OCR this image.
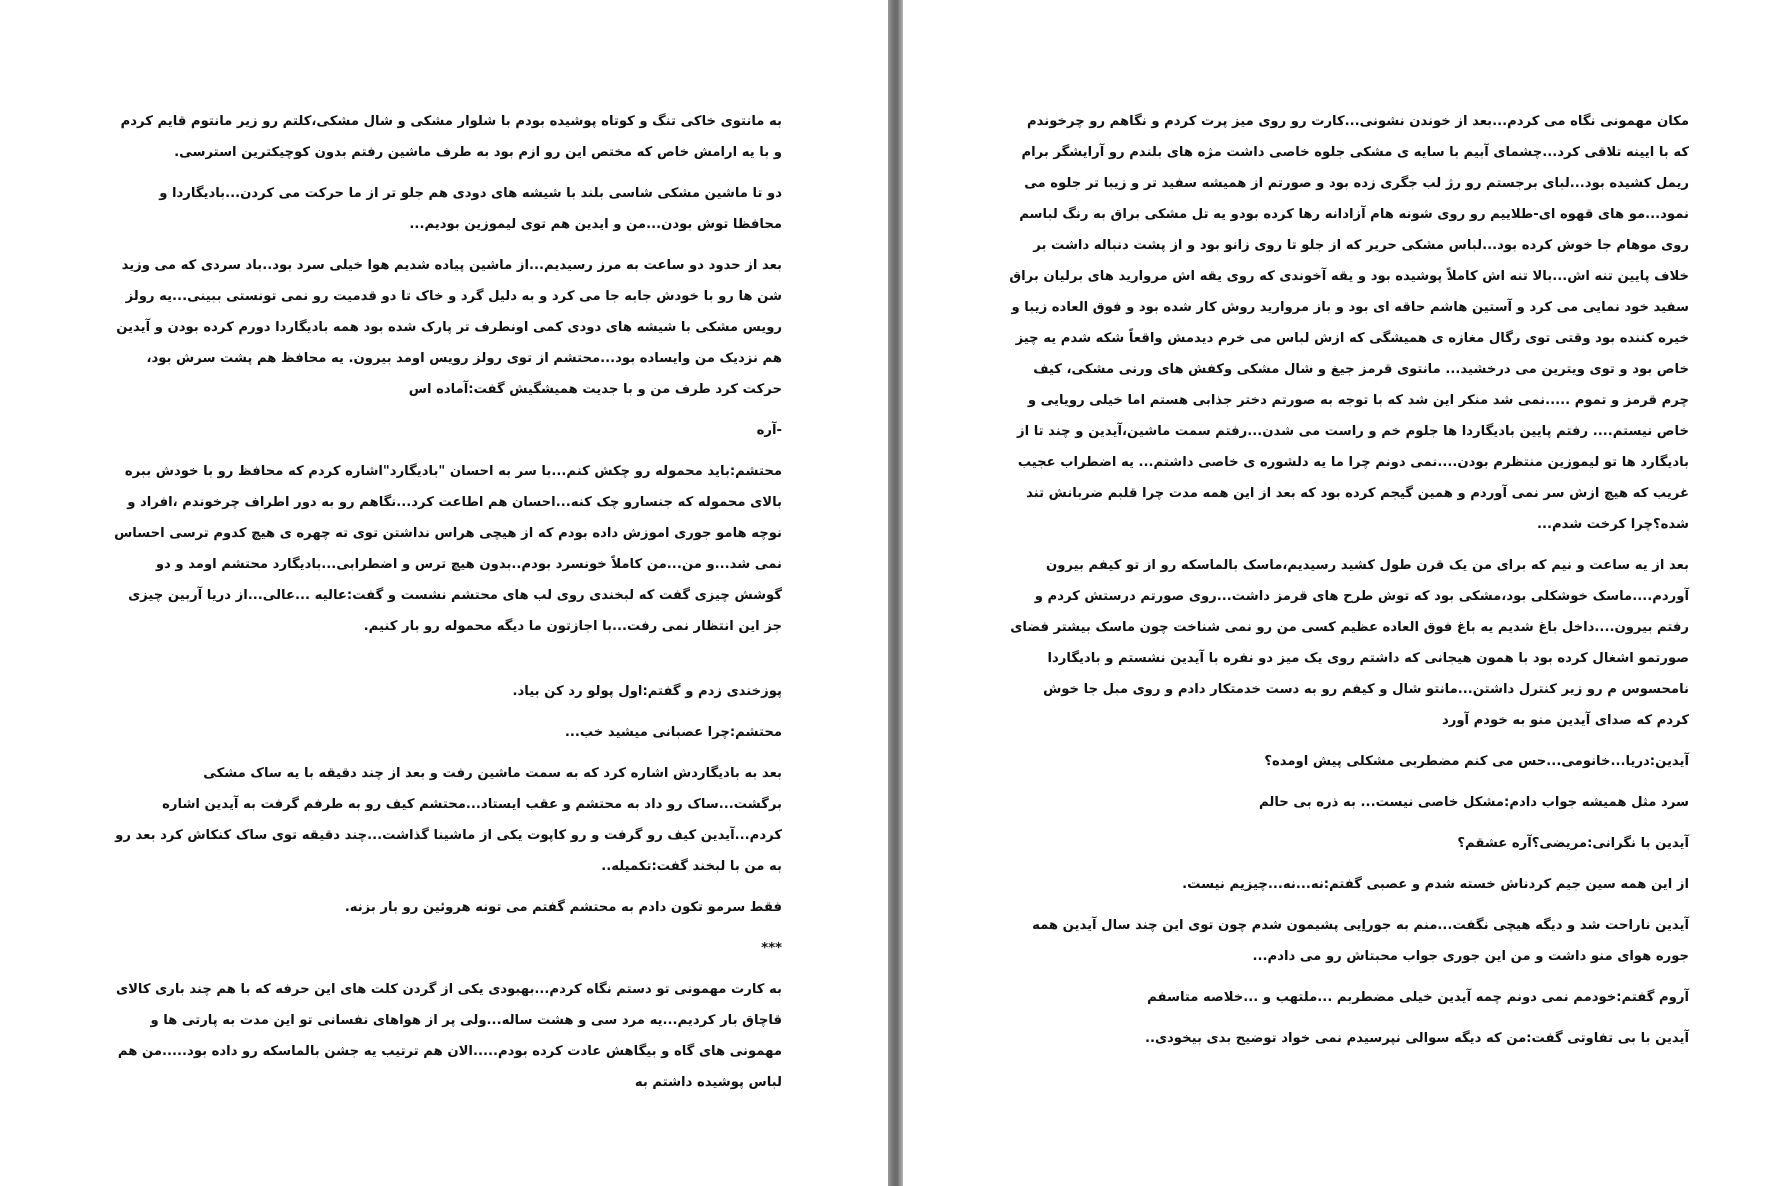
به مانتوی خاکی تنگ و کوتاه پوشیده بودم با شلوار مشکی و شال مشکی،کلتم رو زیر مانتوم قایم کردم و با یه ارامش خاص که مختص این رو ازم بود به طرف ماشین رفتم بدون کوچیکترین استرسی.

دو تا ماشین مشکی شاسی بلند با شیشه های دودی هم جلو تر از ما حرکت می کردن...بادیگاردا و محافظا توش بودن...من و ایدین هم توی لیموزین بودیم...

بعد از حدود دو ساعت به مرز رسیدیم...از ماشین پیاده شدیم هوا خیلی سرد بود..باد سردی که می وزید شن ها رو با خودش جابه جا می کرد و به دلیل گرد و خاک تا دو قدمیت رو نمی تونستی ببینی...یه رولز رویس مشکی با شیشه های دودی کمی اونطرف تر پارک شده بود همه بادیگاردا دورم کرده بودن و آیدین هم نزدیک من وایساده بود...محتشم از توی رولز رویس اومد بیرون. یه محافظ هم پشت سرش بود، حرکت کرد طرف من و با جدیت همیشگیش گفت:آماده اس

-آره

محتشم:باید محموله رو چکش کنم...با سر به احسان "بادیگارد"اشاره کردم که محافظ رو با خودش ببره بالای محموله که جنسارو چک کنه...احسان هم اطاعت کرد...نگاهم رو به دور اطراف چرخوندم ،افراد و نوچه هامو جوری اموزش داده بودم که از هیچی هراس نداشتن توی ته چهره ی هیچ کدوم ترسی احساس نمی شد...و من...من کاملاً خونسرد بودم..بدون هیچ ترس و اضطرابی...بادیگارد محتشم اومد و دو گوشش چیزی گفت که لبخندی روی لب های محتشم نشست و گفت:عالیه ...عالی...از دریا آربین چیزی جز این انتظار نمی رفت...با اجازتون ما دیگه محموله رو بار کنیم.

پوزخندی زدم و گفتم:اول پولو رد کن بیاد.

محتشم:چرا عصبانی میشید خب...

بعد به بادیگاردش اشاره کرد که به سمت ماشین رفت و بعد از چند دقیقه با یه ساک مشکی برگشت...ساک رو داد به محتشم و عقب ایستاد...محتشم کیف رو به طرفم گرفت به آیدین اشاره کردم...آیدین کیف رو گرفت و رو کاپوت یکی از ماشینا گذاشت...چند دقیقه توی ساک کنکاش کرد بعد رو به من با لبخند گفت:تکمیله..

فقط سرمو تکون دادم به محتشم گفتم می تونه هروئین رو بار بزنه.

***

به کارت مهمونی تو دستم نگاه کردم...بهبودی یکی از گردن کلت های این حرفه که با هم چند باری کالای قاچاق بار کردیم...یه مرد سی و هشت ساله...ولی پر از هواهای نفسانی تو این مدت به پارتی ها و مهمونی های گاه و بیگاهش عادت کرده بودم.....الان هم ترتیب یه جشن بالماسکه رو داده بود.....من هم لباس پوشیده داشتم به

مکان مهمونی نگاه می کردم...بعد از خوندن نشونی...کارت رو روی میز پرت کردم و نگاهم رو چرخوندم که با ایینه تلاقی کرد...چشمای آبیم با سایه ی مشکی جلوه خاصی داشت مژه های بلندم رو آرایشگر برام ریمل کشیده بود...لبای برجستم رو رژ لب جگری زده بود و صورتم از همیشه سفید تر و زیبا تر جلوه می نمود...مو های قهوه ای-طلاییم رو روی شونه هام آزادانه رها کرده بودو یه تل مشکی براق به رنگ لباسم روی موهام جا خوش کرده بود...لباس مشکی حریر که از جلو تا روی زانو بود و از پشت دنباله داشت بر خلاف پایین تنه اش...بالا تنه اش کاملاً پوشیده بود و یقه آخوندی که روی یقه اش مروارید های برلیان براق سفید خود نمایی می کرد و آستین هاشم حاقه ای بود و باز مروارید روش کار شده بود و فوق العاده زیبا و خیره کننده بود وقتی توی رگال مغازه ی همیشگی که ازش لباس می خرم دیدمش واقعاً شکه شدم یه چیز خاص بود و توی ویترین می درخشید... مانتوی قرمز جیغ و شال مشکی وکفش های ورنی مشکی، کیف چرم قرمز و تموم .....نمی شد منکر این شد که با توجه به صورتم دختر جذابی هستم اما خیلی رویایی و خاص نیستم.... رفتم پایین بادیگاردا ها جلوم خم و راست می شدن...رفتم سمت ماشین،آیدین و چند تا از بادیگارد ها تو لیموزین منتظرم بودن....نمی دونم چرا ما یه دلشوره ی خاصی داشتم... یه اضطراب عجیب غریب که هیچ ازش سر نمی آوردم و همین گیجم کرده بود که بعد از این همه مدت چرا قلبم ضربانش تند شده؟چرا کرخت شدم...

بعد از یه ساعت و نیم که برای من یک قرن طول کشید رسیدیم،ماسک بالماسکه رو از تو کیفم بیرون آوردم....ماسک خوشکلی بود،مشکی بود که توش طرح های قرمز داشت...روی صورتم درستش کردم و رفتم بیرون....داخل باغ شدیم یه باغ فوق العاده عظیم کسی من رو نمی شناخت چون ماسک بیشتر فضای صورتمو اشغال کرده بود با همون هیجانی که داشتم روی یک میز دو نفره با آیدین نشستم و بادیگاردا نامحسوس م رو زیر کنترل داشتن...مانتو شال و کیفم رو به دست خدمتکار دادم و روی مبل جا خوش کردم که صدای آیدین منو به خودم آورد

آیدین:دریا...خانومی...حس می کنم مضطربی مشکلی پیش اومده؟

سرد مثل همیشه جواب دادم:مشکل خاصی نیست... به ذره بی حالم

آیدین با نگرانی:مریضی؟آره عشقم؟

از این همه سین جیم کردناش خسته شدم و عصبی گفتم:نه...نه...چیزیم نیست.

آیدین ناراحت شد و دیگه هیچی نگفت...منم به جوراِیی پشیمون شدم چون توی این چند سال آیدین همه جوره هوای منو داشت و من این جوری جواب محبتاش رو می دادم...

آروم گفتم:خودمم نمی دونم چمه آیدین خیلی مضطربم ...ملتهب و ...خلاصه متاسفم

آیدین با بی تفاوتی گفت:من که دیگه سوالی نپرسیدم نمی خواد توضیح بدی بیخودی..
